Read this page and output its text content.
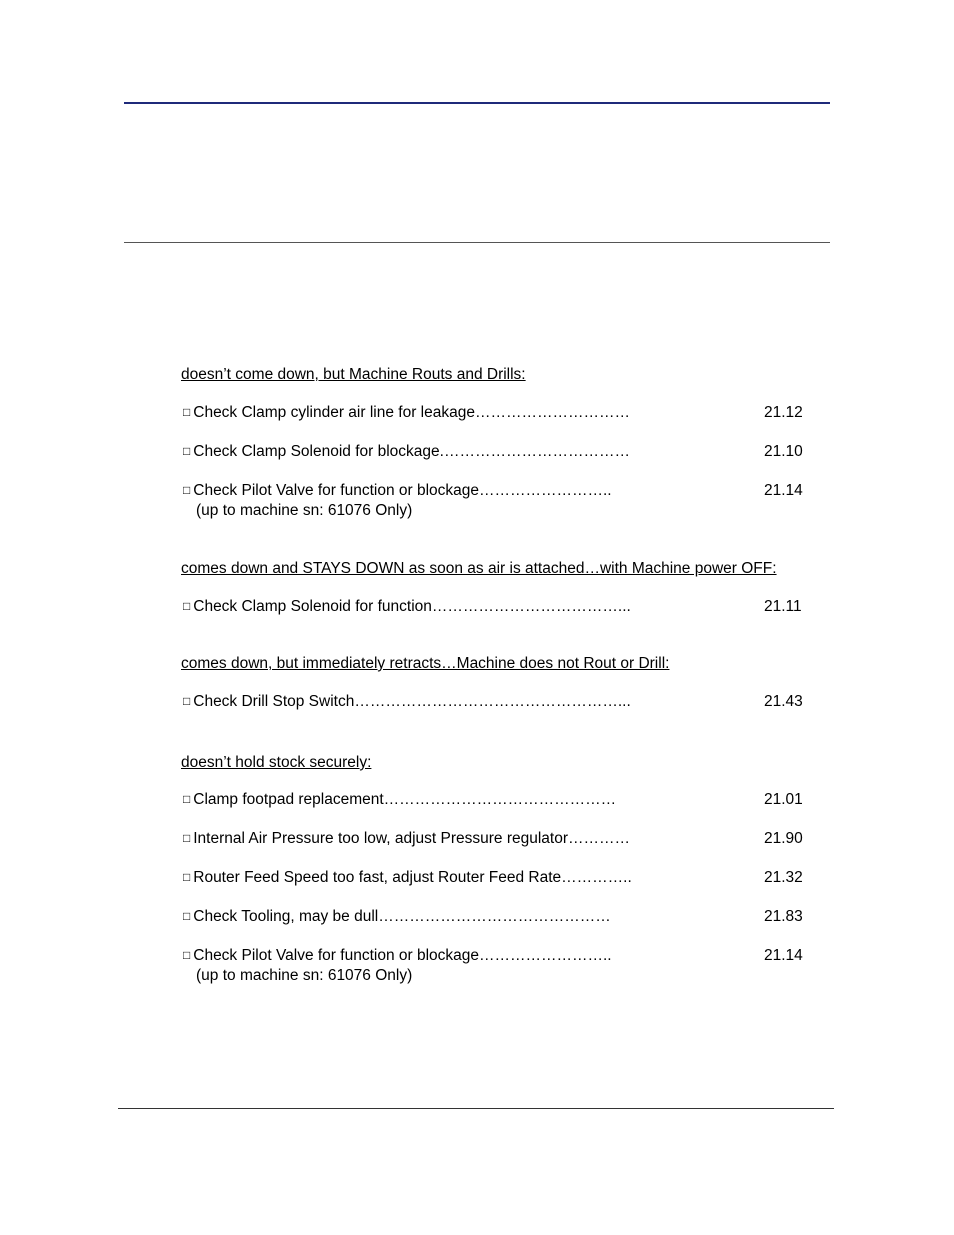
doesn’t come down, but Machine Routs and Drills:
□ Check Clamp cylinder air line for leakage…………………………	21.12
□ Check Clamp Solenoid for blockage.………………………………	21.10
□ Check Pilot Valve for function or blockage……………………..	21.14
(up to machine sn: 61076 Only)
comes down and STAYS DOWN as soon as air is attached…with Machine power OFF:
□ Check Clamp Solenoid for function………………………………...	21.11
comes down, but immediately retracts…Machine does not Rout or Drill:
□ Check Drill Stop Switch……………………………………………...	21.43
doesn’t hold stock securely:
□ Clamp footpad replacement………………………………………	21.01
□ Internal Air Pressure too low, adjust Pressure regulator…………	21.90
□ Router Feed Speed too fast, adjust Router Feed Rate…………..	21.32
□ Check Tooling, may be dull………………………………………	21.83
□ Check Pilot Valve for function or blockage……………………..	21.14
(up to machine sn: 61076 Only)
